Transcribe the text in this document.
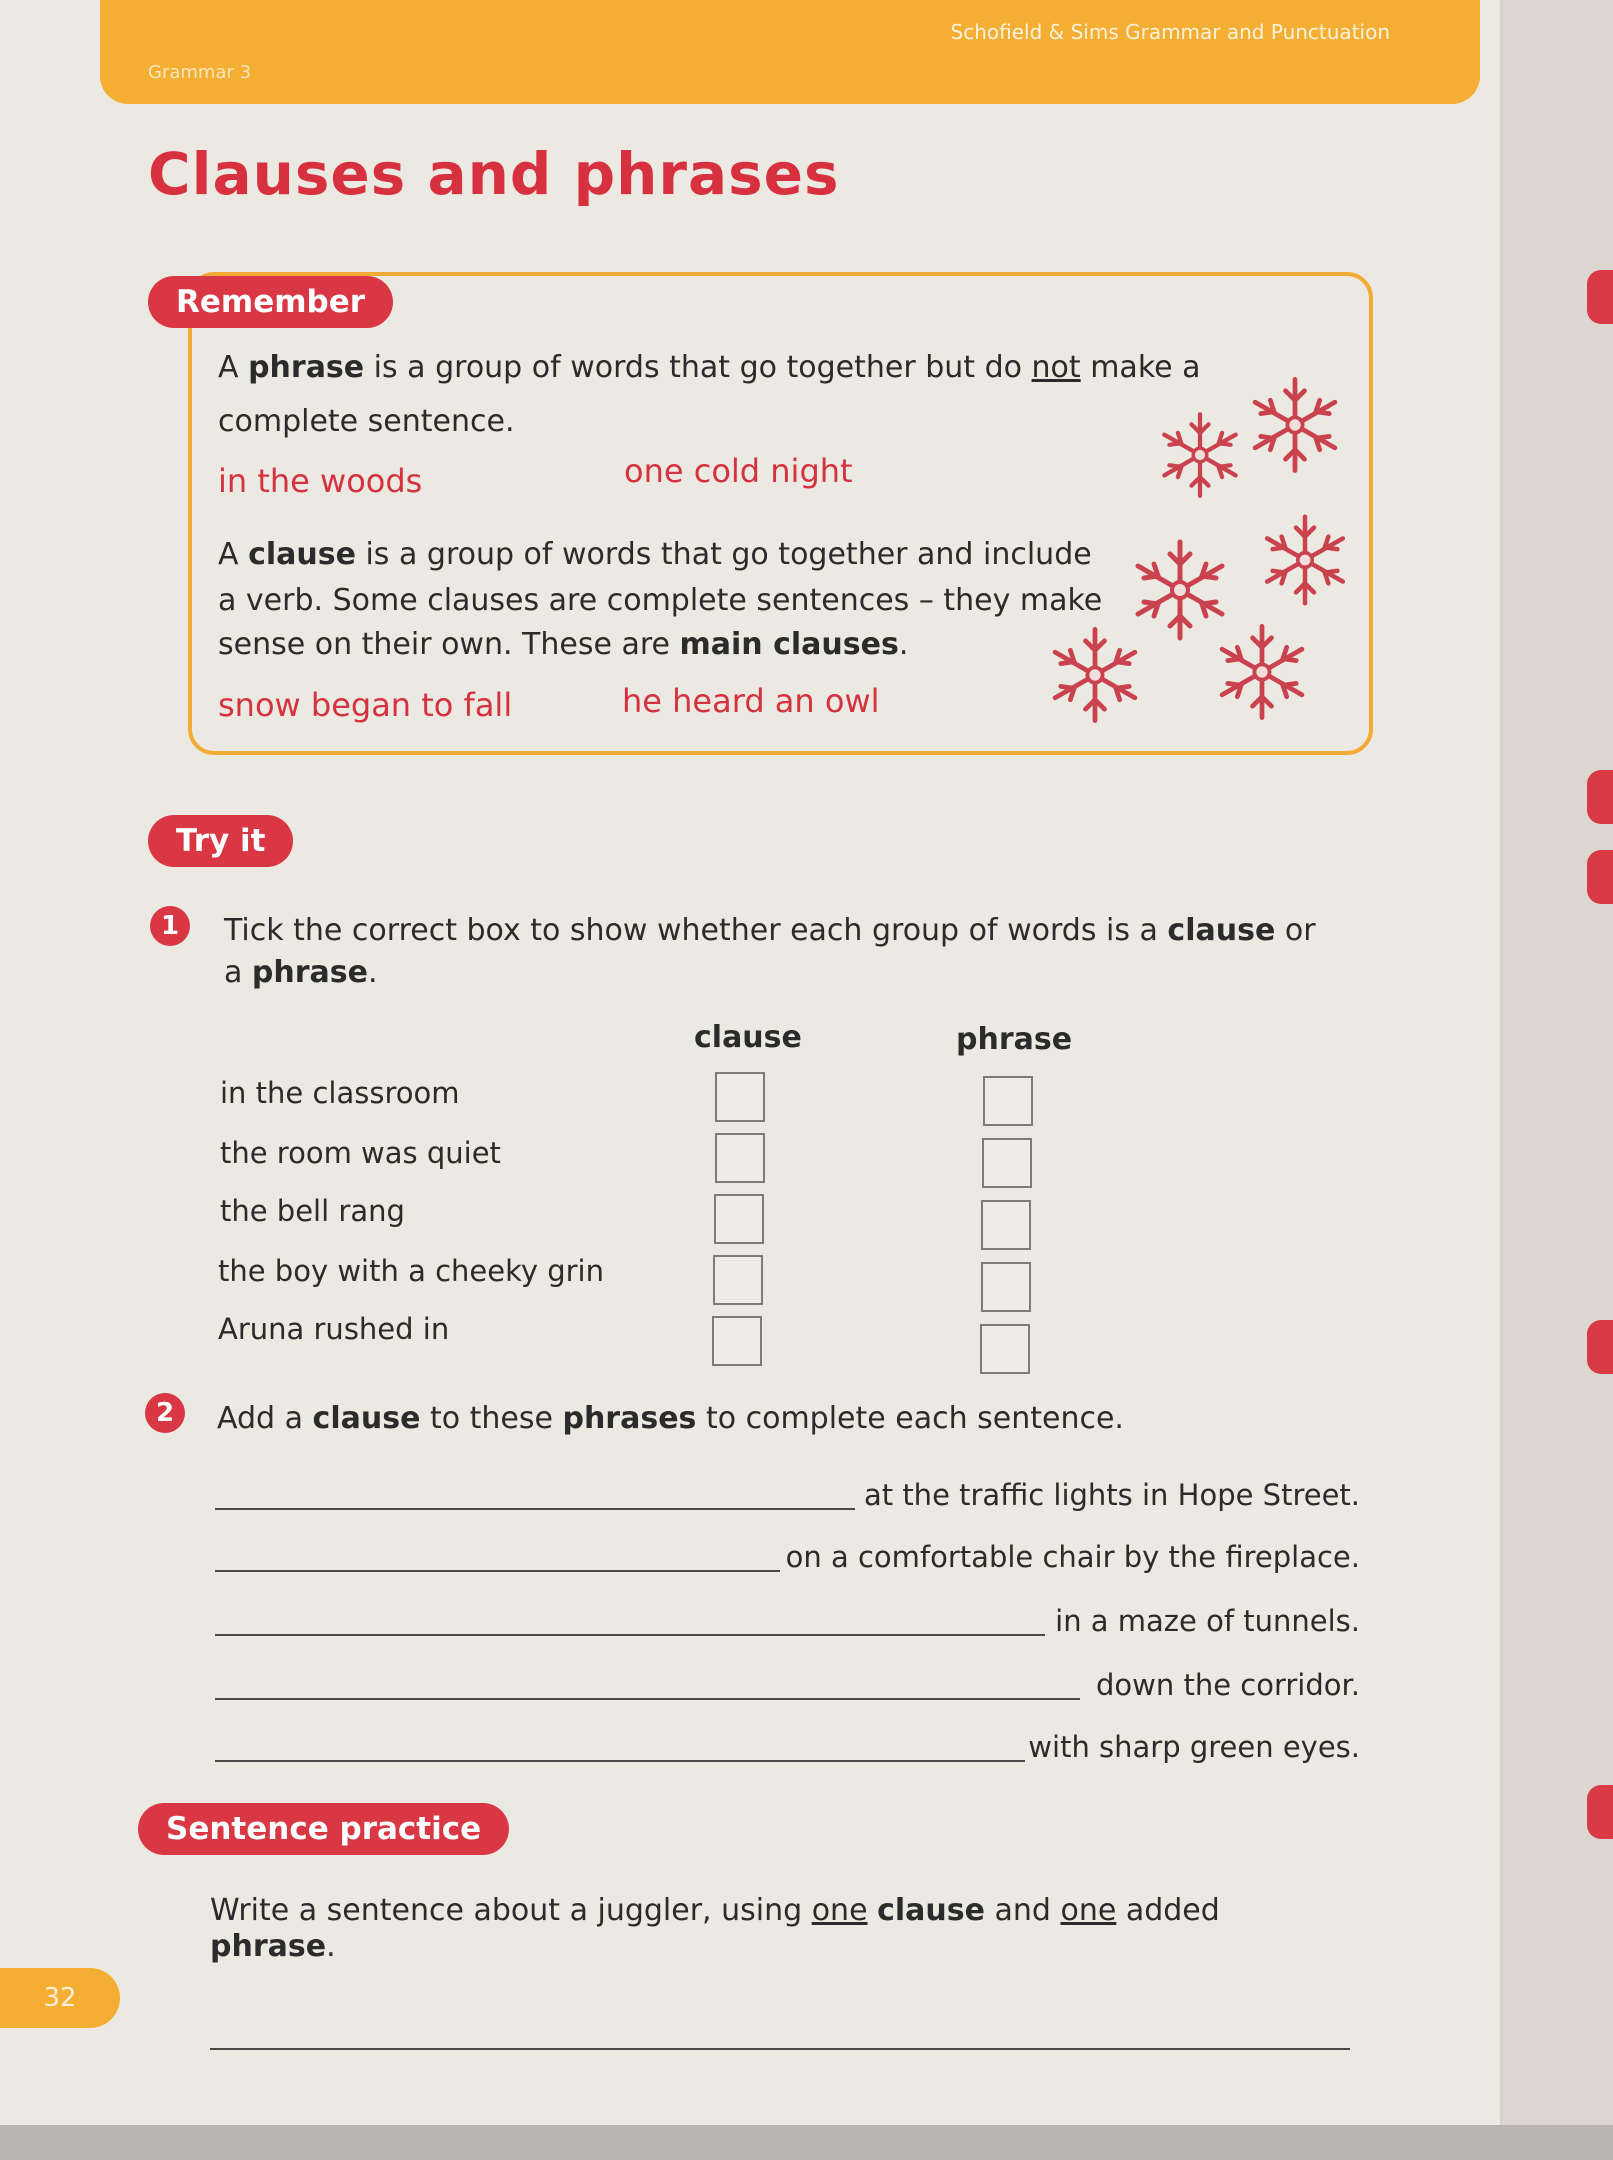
Schofield & Sims Grammar and Punctuation
Grammar 3
Clauses and phrases
Remember
A phrase is a group of words that go together but do not make a
complete sentence.
in the woods	one cold night
A clause is a group of words that go together and include
a verb. Some clauses are complete sentences – they make
sense on their own. These are main clauses.
snow began to fall	he heard an owl
Try it
1	Tick the correct box to show whether each group of words is a clause or
a phrase.
clause	phrase
in the classroom
the room was quiet
the bell rang
the boy with a cheeky grin
Aruna rushed in
2	Add a clause to these phrases to complete each sentence.
at the traffic lights in Hope Street.
on a comfortable chair by the fireplace.
in a maze of tunnels.
down the corridor.
with sharp green eyes.
Sentence practice
Write a sentence about a juggler, using one clause and one added
phrase.
32
